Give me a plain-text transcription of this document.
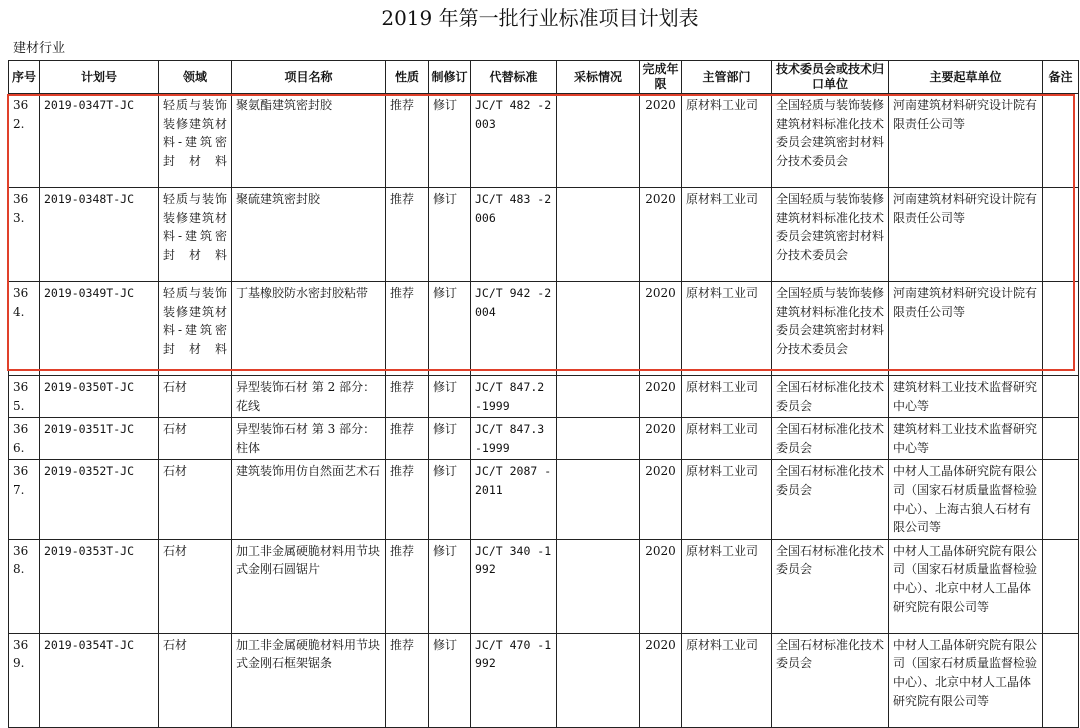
2019 年第一批行业标准项目计划表
建材行业
序号	计划号	领域	项目名称	性质	制修订	代替标准	采标情况	完成年限	主管部门	技术委员会或技术归口单位	主要起草单位	备注
362.	2019-0347T-JC	轻质与装饰装修建筑材料-建筑密封材料	聚氨酯建筑密封胶	推荐	修订	JC/T 482 -2003		2020	原材料工业司	全国轻质与装饰装修建筑材料标准化技术委员会建筑密封材料分技术委员会	河南建筑材料研究设计院有限责任公司等	
363.	2019-0348T-JC	轻质与装饰装修建筑材料-建筑密封材料	聚硫建筑密封胶	推荐	修订	JC/T 483 -2006		2020	原材料工业司	全国轻质与装饰装修建筑材料标准化技术委员会建筑密封材料分技术委员会	河南建筑材料研究设计院有限责任公司等	
364.	2019-0349T-JC	轻质与装饰装修建筑材料-建筑密封材料	丁基橡胶防水密封胶粘带	推荐	修订	JC/T 942 -2004		2020	原材料工业司	全国轻质与装饰装修建筑材料标准化技术委员会建筑密封材料分技术委员会	河南建筑材料研究设计院有限责任公司等	
365.	2019-0350T-JC	石材	异型装饰石材 第 2 部分：花线	推荐	修订	JC/T 847.2 -1999		2020	原材料工业司	全国石材标准化技术委员会	建筑材料工业技术监督研究中心等	
366.	2019-0351T-JC	石材	异型装饰石材 第 3 部分：柱体	推荐	修订	JC/T 847.3 -1999		2020	原材料工业司	全国石材标准化技术委员会	建筑材料工业技术监督研究中心等	
367.	2019-0352T-JC	石材	建筑装饰用仿自然面艺术石	推荐	修订	JC/T 2087 -2011		2020	原材料工业司	全国石材标准化技术委员会	中材人工晶体研究院有限公司（国家石材质量监督检验中心）、上海古狼人石材有限公司等	
368.	2019-0353T-JC	石材	加工非金属硬脆材料用节块式金刚石圆锯片	推荐	修订	JC/T 340 -1992		2020	原材料工业司	全国石材标准化技术委员会	中材人工晶体研究院有限公司（国家石材质量监督检验中心）、北京中材人工晶体研究院有限公司等	
369.	2019-0354T-JC	石材	加工非金属硬脆材料用节块式金刚石框架锯条	推荐	修订	JC/T 470 -1992		2020	原材料工业司	全国石材标准化技术委员会	中材人工晶体研究院有限公司（国家石材质量监督检验中心）、北京中材人工晶体研究院有限公司等	
